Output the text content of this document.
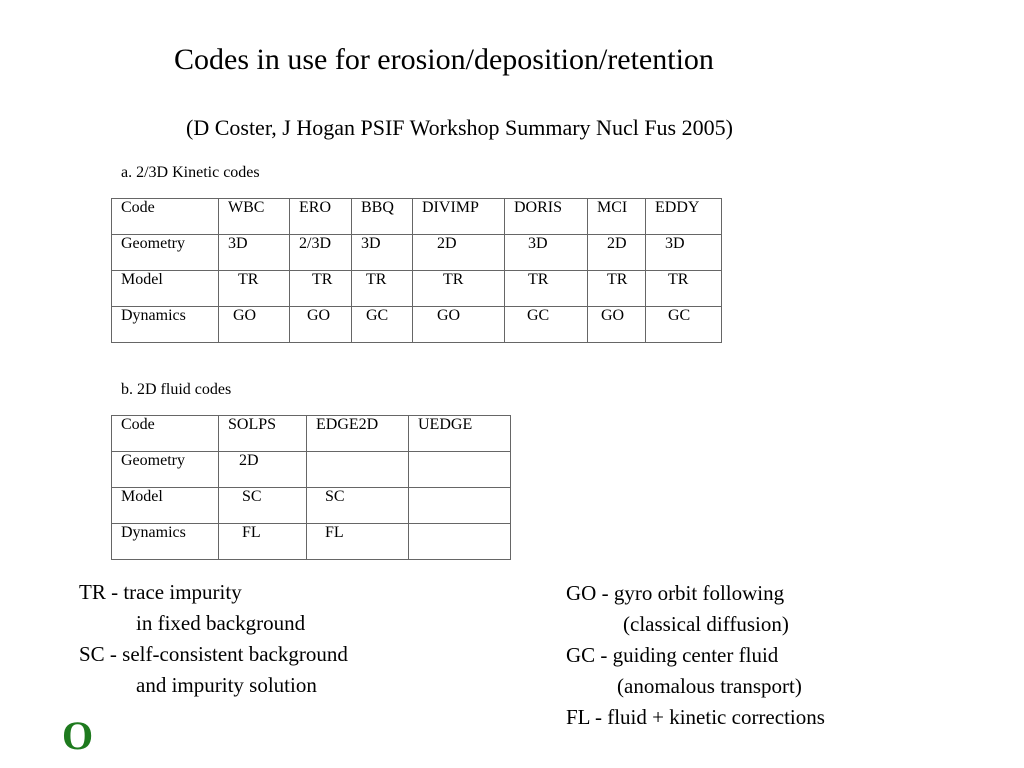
Codes in use for erosion/deposition/retention
(D Coster, J Hogan PSIF Workshop Summary Nucl Fus 2005)
a. 2/3D Kinetic codes
Code	WBC	ERO	BBQ	DIVIMP	DORIS	MCI	EDDY
Geometry	3D	2/3D	3D	2D	3D	2D	3D
Model	TR	TR	TR	TR	TR	TR	TR
Dynamics	GO	GO	GC	GO	GC	GO	GC
b. 2D fluid codes
Code	SOLPS	EDGE2D	UEDGE
Geometry	2D		
Model	SC	SC	
Dynamics	FL	FL	
TR - trace impurity
in fixed background
SC - self-consistent background
and impurity solution
GO - gyro orbit following
(classical diffusion)
GC - guiding center fluid
(anomalous transport)
FL - fluid + kinetic corrections
O
